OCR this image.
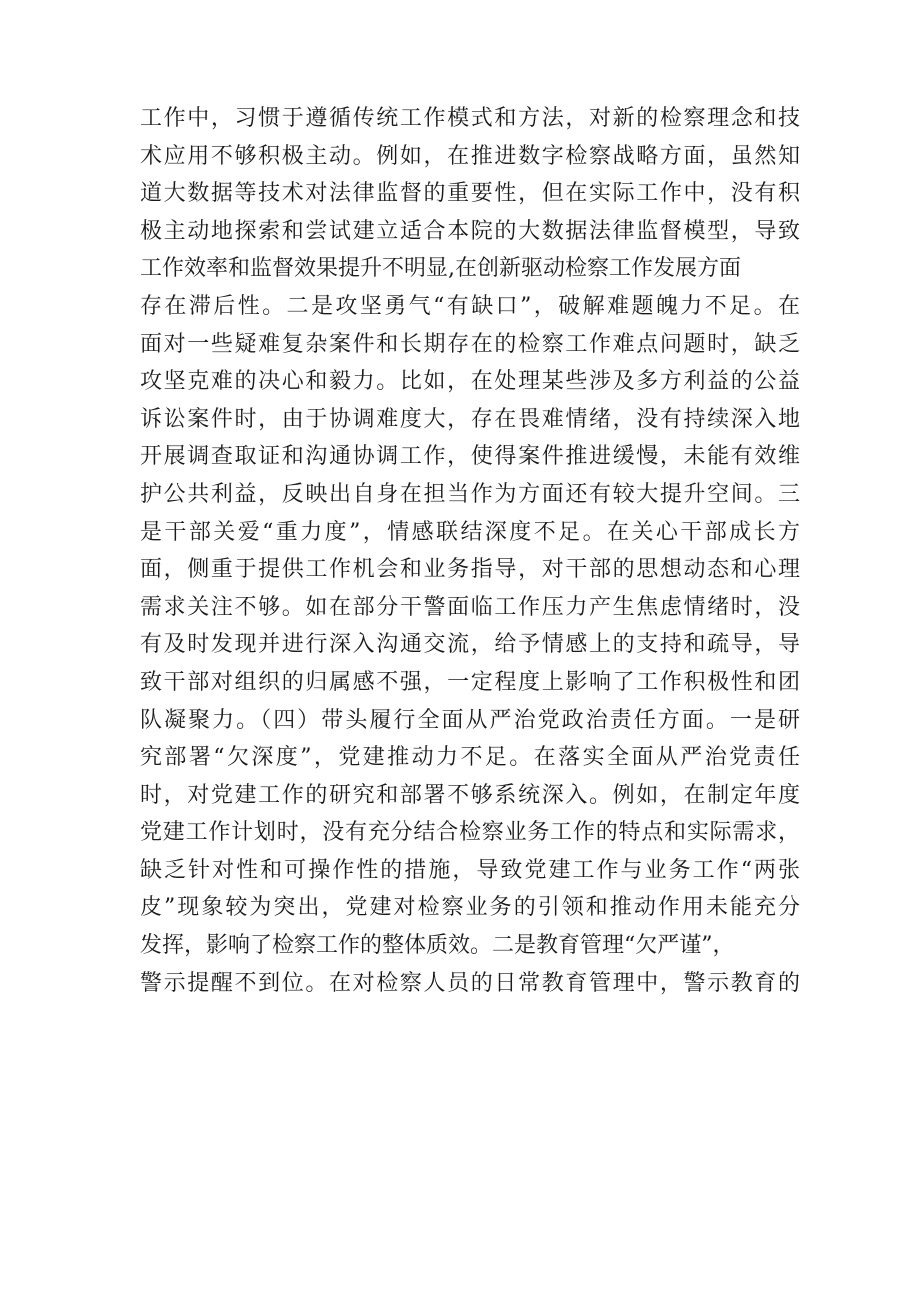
工作中，习惯于遵循传统工作模式和方法，对新的检察理念和技
术应用不够积极主动。例如，在推进数字检察战略方面，虽然知
道大数据等技术对法律监督的重要性，但在实际工作中，没有积
极主动地探索和尝试建立适合本院的大数据法律监督模型，导致
工作效率和监督效果提升不明显,在创新驱动检察工作发展方面
存在滞后性。二是攻坚勇气“有缺口”，破解难题魄力不足。在
面对一些疑难复杂案件和长期存在的检察工作难点问题时，缺乏
攻坚克难的决心和毅力。比如，在处理某些涉及多方利益的公益
诉讼案件时，由于协调难度大，存在畏难情绪，没有持续深入地
开展调查取证和沟通协调工作，使得案件推进缓慢，未能有效维
护公共利益，反映出自身在担当作为方面还有较大提升空间。三
是干部关爱“重力度”，情感联结深度不足。在关心干部成长方
面，侧重于提供工作机会和业务指导，对干部的思想动态和心理
需求关注不够。如在部分干警面临工作压力产生焦虑情绪时，没
有及时发现并进行深入沟通交流，给予情感上的支持和疏导，导
致干部对组织的归属感不强，一定程度上影响了工作积极性和团
队凝聚力。（四）带头履行全面从严治党政治责任方面。一是研
究部署“欠深度”，党建推动力不足。在落实全面从严治党责任
时，对党建工作的研究和部署不够系统深入。例如，在制定年度
党建工作计划时，没有充分结合检察业务工作的特点和实际需求，
缺乏针对性和可操作性的措施，导致党建工作与业务工作“两张
皮”现象较为突出，党建对检察业务的引领和推动作用未能充分
发挥，影响了检察工作的整体质效。二是教育管理“欠严谨”，
警示提醒不到位。在对检察人员的日常教育管理中，警示教育的
